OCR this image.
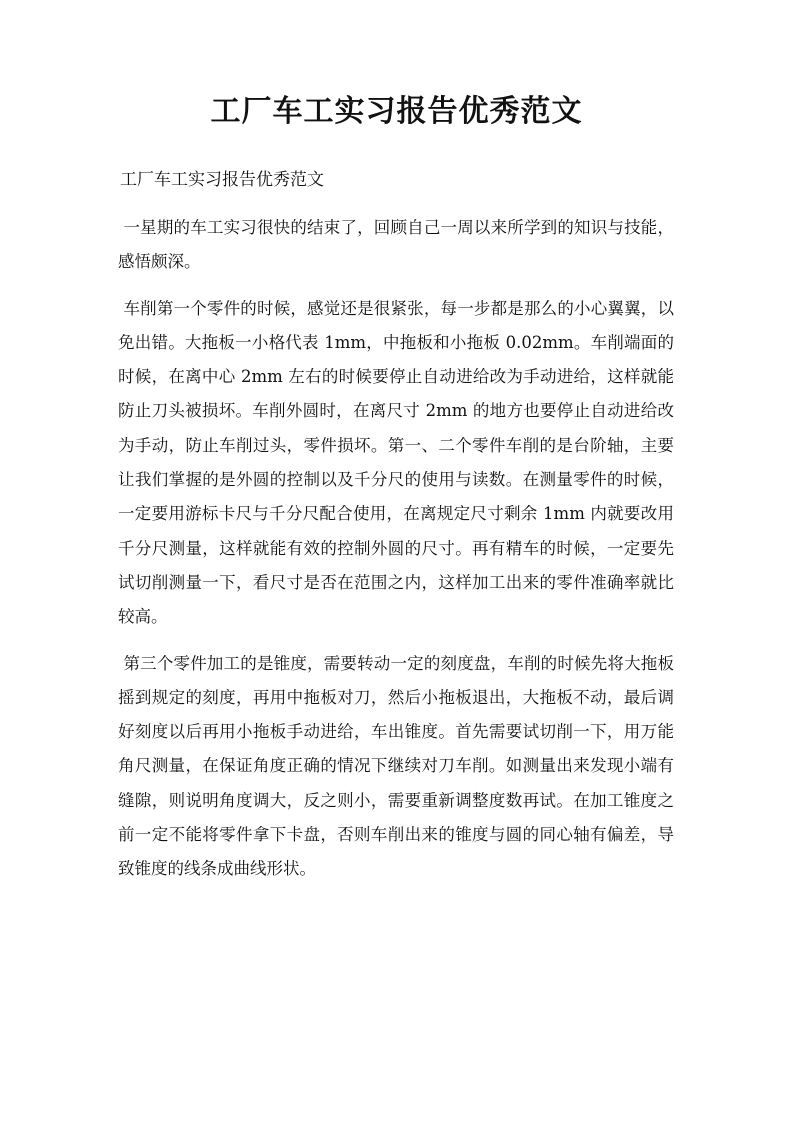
工厂车工实习报告优秀范文

工厂车工实习报告优秀范文

一星期的车工实习很快的结束了，回顾自己一周以来所学到的知识与技能，感悟颇深。

车削第一个零件的时候，感觉还是很紧张，每一步都是那么的小心翼翼，以免出错。大拖板一小格代表 1mm，中拖板和小拖板 0.02mm。车削端面的时候，在离中心 2mm 左右的时候要停止自动进给改为手动进给，这样就能防止刀头被损坏。车削外圆时，在离尺寸 2mm 的地方也要停止自动进给改为手动，防止车削过头，零件损坏。第一、二个零件车削的是台阶轴，主要让我们掌握的是外圆的控制以及千分尺的使用与读数。在测量零件的时候，一定要用游标卡尺与千分尺配合使用，在离规定尺寸剩余 1mm 内就要改用千分尺测量，这样就能有效的控制外圆的尺寸。再有精车的时候，一定要先试切削测量一下，看尺寸是否在范围之内，这样加工出来的零件准确率就比较高。

第三个零件加工的是锥度，需要转动一定的刻度盘，车削的时候先将大拖板摇到规定的刻度，再用中拖板对刀，然后小拖板退出，大拖板不动，最后调好刻度以后再用小拖板手动进给，车出锥度。首先需要试切削一下，用万能角尺测量，在保证角度正确的情况下继续对刀车削。如测量出来发现小端有缝隙，则说明角度调大，反之则小，需要重新调整度数再试。在加工锥度之前一定不能将零件拿下卡盘，否则车削出来的锥度与圆的同心轴有偏差，导致锥度的线条成曲线形状。
